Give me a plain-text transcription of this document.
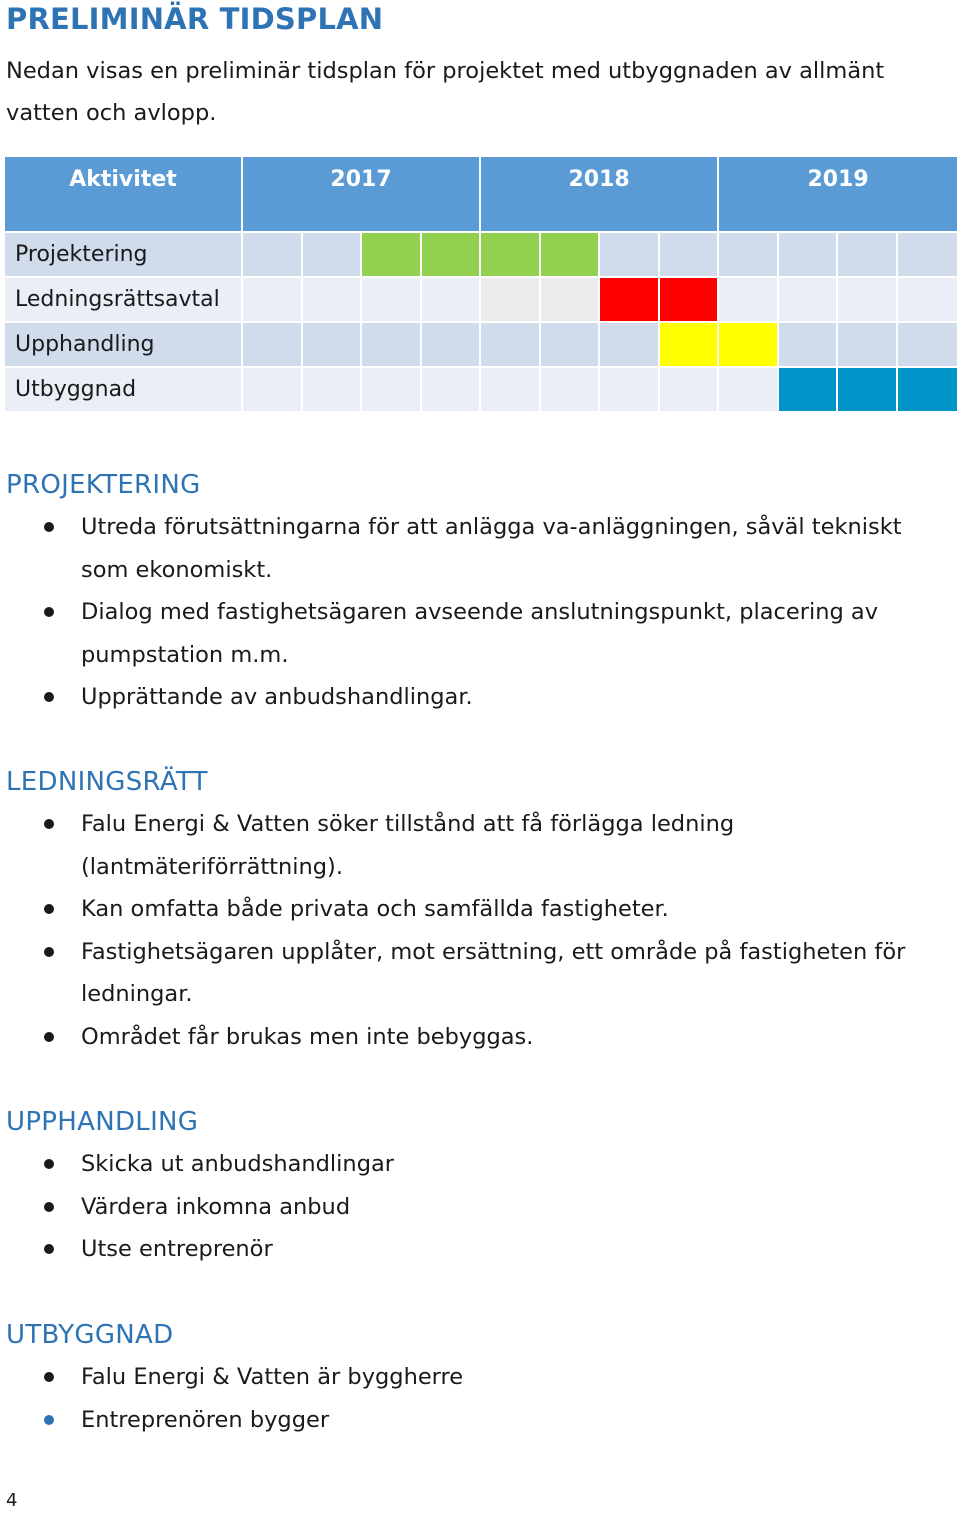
PRELIMINÄR TIDSPLAN

Nedan visas en preliminär tidsplan för projektet med utbyggnaden av allmänt vatten och avlopp.

Aktivitet	2017				2018				2019			
Projektering												
Ledningsrättsavtal												
Upphandling												
Utbyggnad												
PROJEKTERING
Utreda förutsättningarna för att anlägga va-anläggningen, såväl tekniskt som ekonomiskt.
Dialog med fastighetsägaren avseende anslutningspunkt, placering av pumpstation m.m.
Upprättande av anbudshandlingar.
LEDNINGSRÄTT
Falu Energi & Vatten söker tillstånd att få förlägga ledning (lantmäteriförrättning).
Kan omfatta både privata och samfällda fastigheter.
Fastighetsägaren upplåter, mot ersättning, ett område på fastigheten för ledningar.
Området får brukas men inte bebyggas.
UPPHANDLING
Skicka ut anbudshandlingar
Värdera inkomna anbud
Utse entreprenör
UTBYGGNAD
Falu Energi & Vatten är byggherre
Entreprenören bygger
4
